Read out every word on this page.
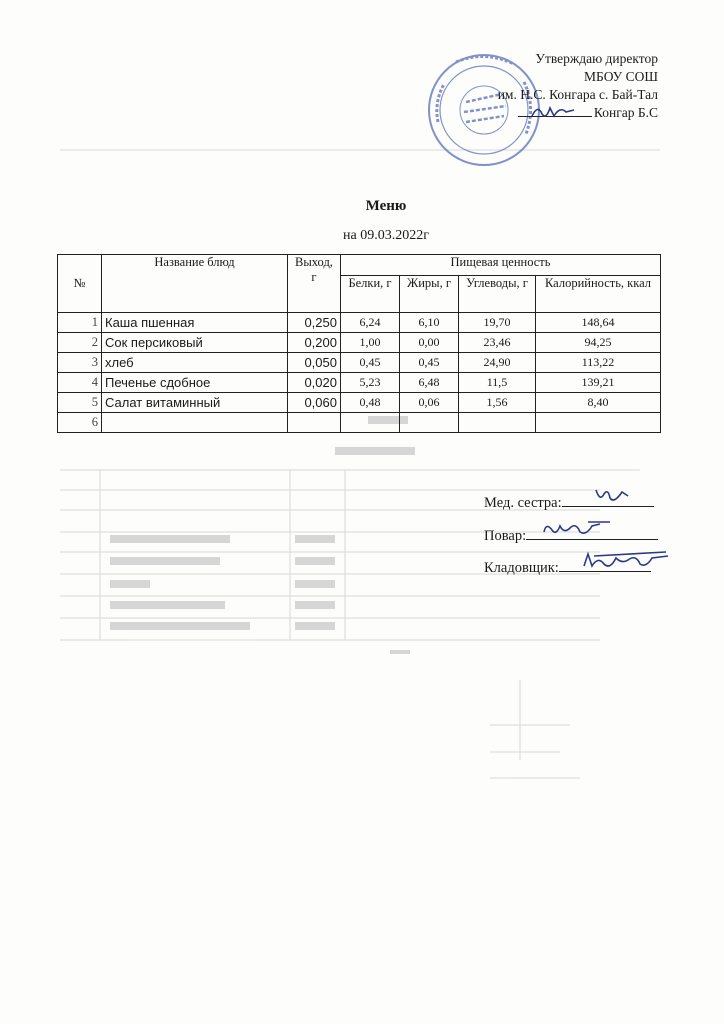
Утверждаю директор
МБОУ СОШ
им. Н.С. Конгара с. Бай-Тал
Конгар Б.С
Меню
на 09.03.2022г
№	Название блюд	Выход, г	Пищевая ценность			
			Белки, г	Жиры, г	Углеводы, г	Калорийность, ккал
1	Каша пшенная	0,250	6,24	6,10	19,70	148,64
2	Сок персиковый	0,200	1,00	0,00	23,46	94,25
3	хлеб	0,050	0,45	0,45	24,90	113,22
4	Печенье сдобное	0,020	5,23	6,48	11,5	139,21
5	Салат витаминный	0,060	0,48	0,06	1,56	8,40
6						
Мед. сестра:
Повар:
Кладовщик:
